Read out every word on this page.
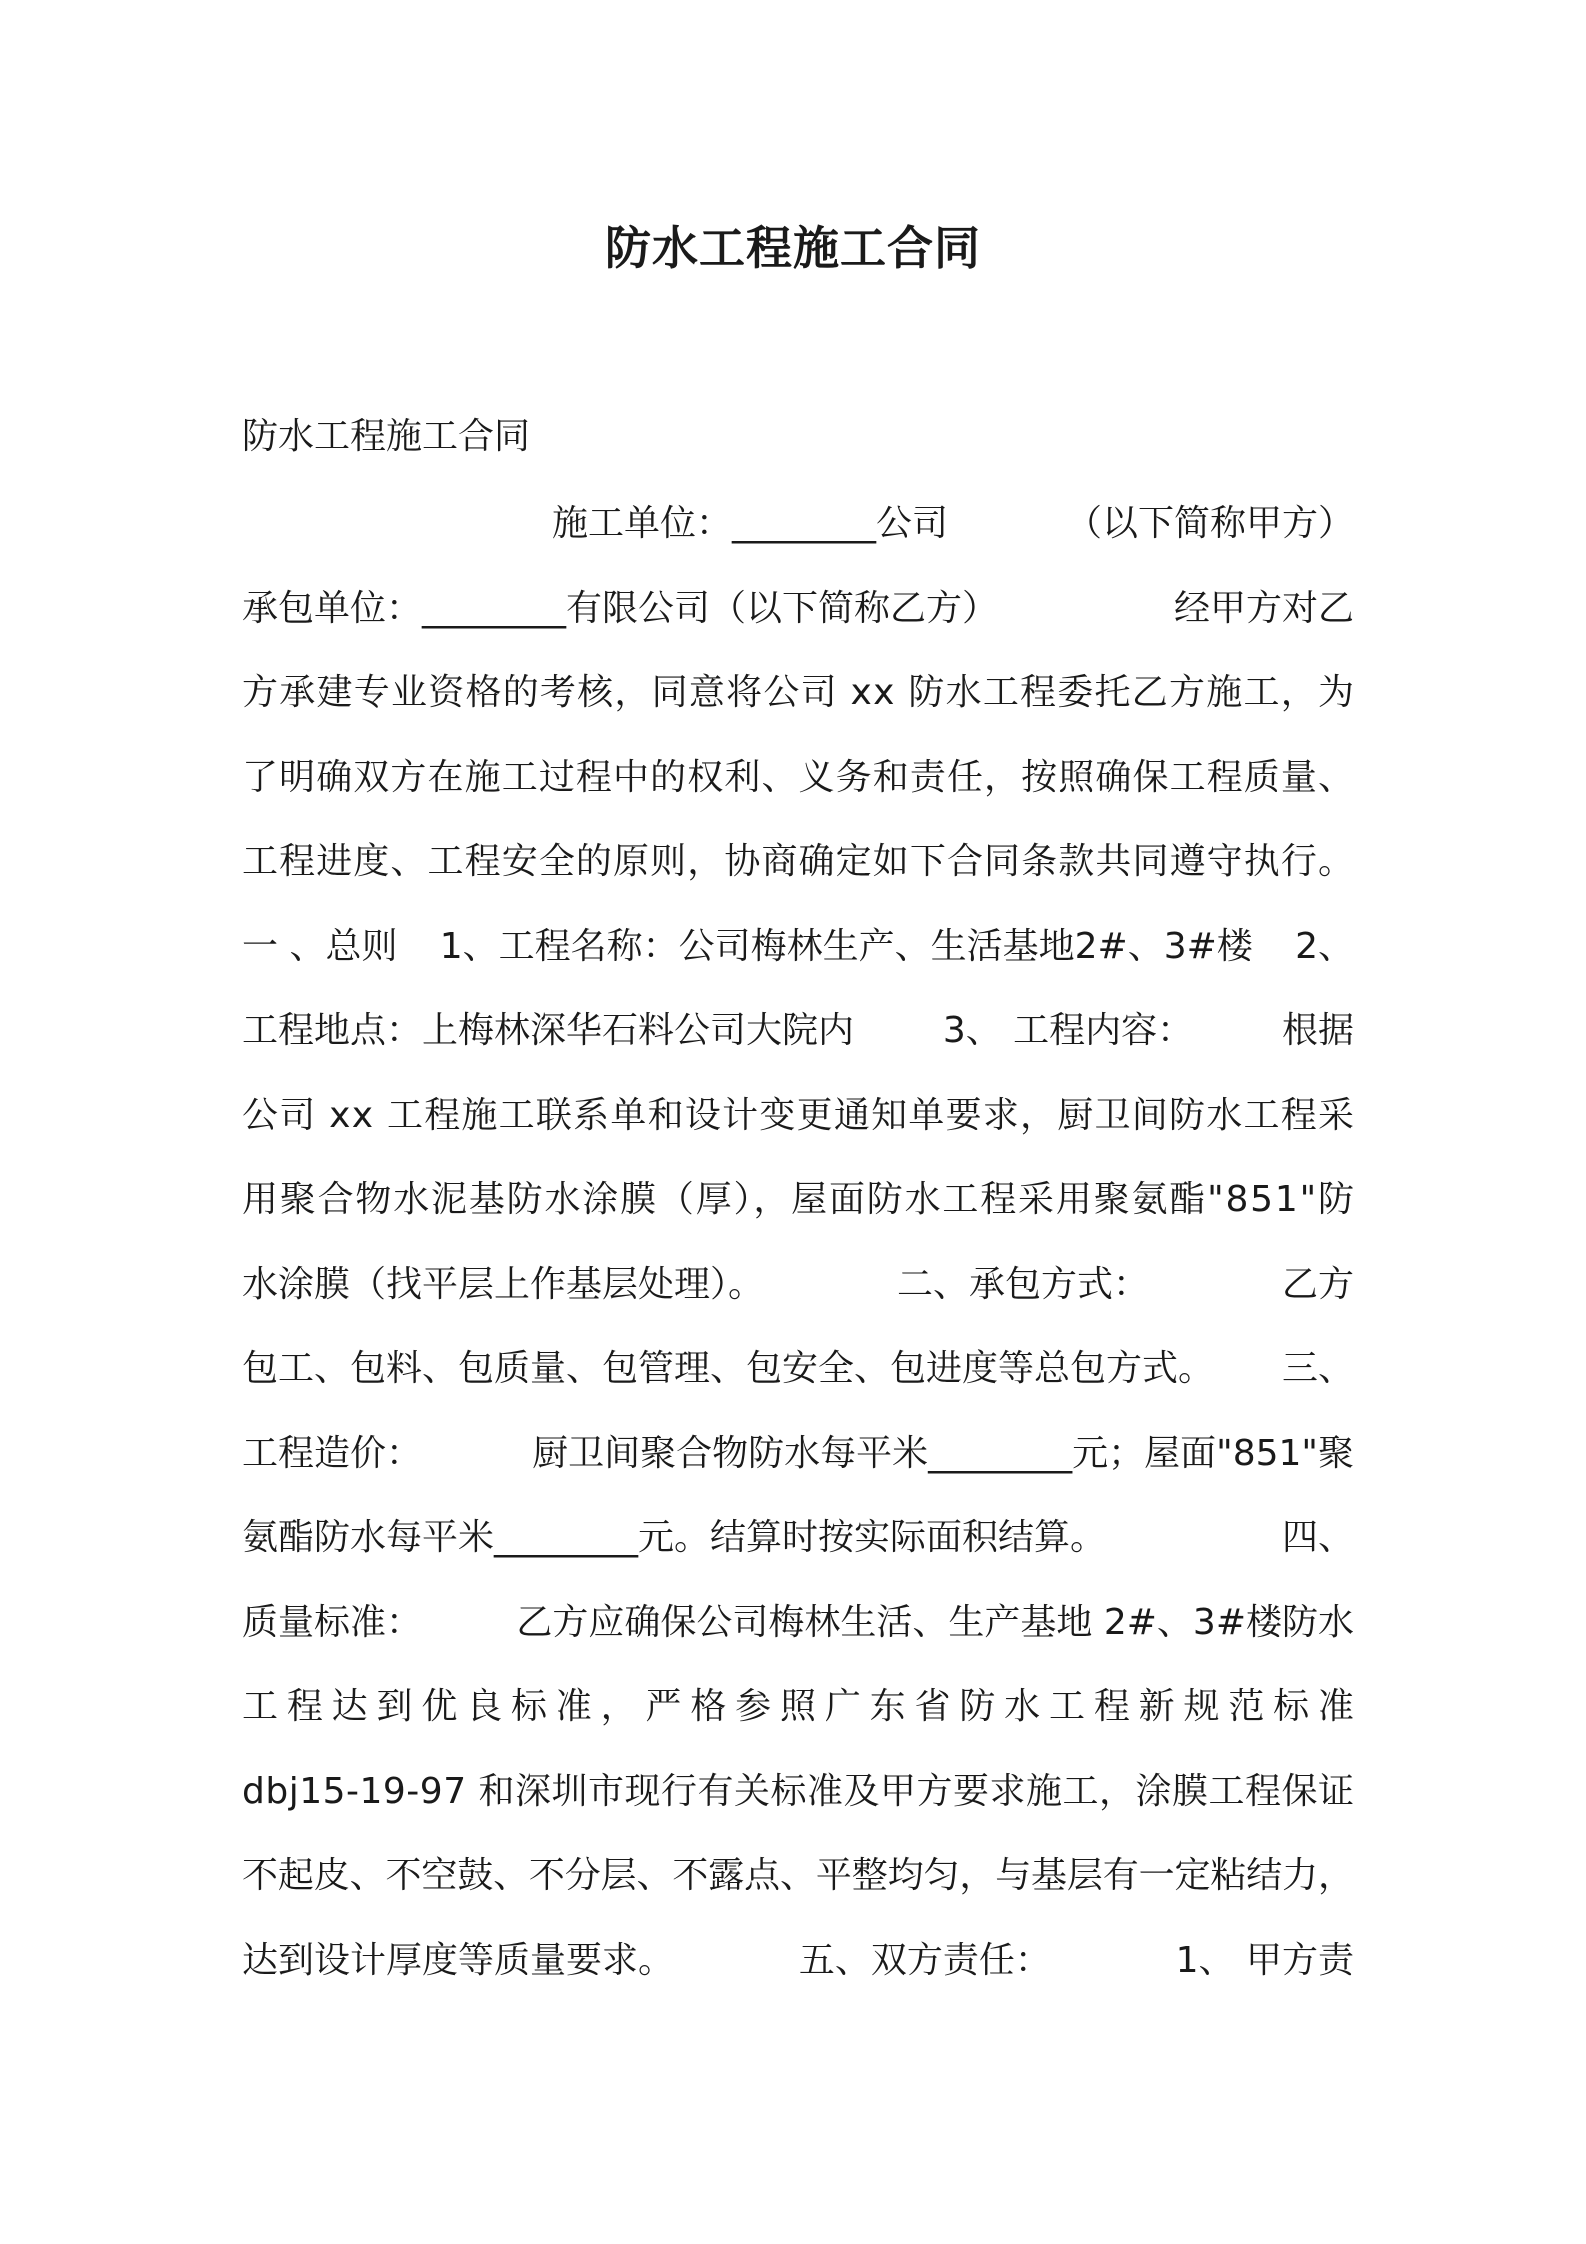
防水工程施工合同

防水工程施工合同

施工单位：________公司	（以下简称甲方）
承包单位：________有限公司（以下简称乙方）	经甲方对乙
方承建专业资格的考核，同意将公司 xx 防水工程委托乙方施工，为
了明确双方在施工过程中的权利、义务和责任，按照确保工程质量、
工程进度、工程安全的原则，协商确定如下合同条款共同遵守执行。
一 、总则 1、工程名称：公司梅林生产、生活基地2#、3#楼 2、
工程地点：上梅林深华石料公司大院内 3、 工程内容： 根据
公司 xx 工程施工联系单和设计变更通知单要求，厨卫间防水工程采
用聚合物水泥基防水涂膜（厚），屋面防水工程采用聚氨酯"851"防
水涂膜（找平层上作基层处理）。	二、承包方式：	乙方
包工、包料、包质量、包管理、包安全、包进度等总包方式。 三、
工程造价：	厨卫间聚合物防水每平米________元；屋面"851"聚
氨酯防水每平米________元。结算时按实际面积结算。	四、
质量标准：	乙方应确保公司梅林生活、生产基地 2#、3#楼防水
工程达到优良标准，严格参照广东省防水工程新规范标准
dbj15-19-97 和深圳市现行有关标准及甲方要求施工，涂膜工程保证
不起皮、不空鼓、不分层、不露点、平整均匀，与基层有一定粘结力，
达到设计厚度等质量要求。	五、双方责任：	1、 甲方责
